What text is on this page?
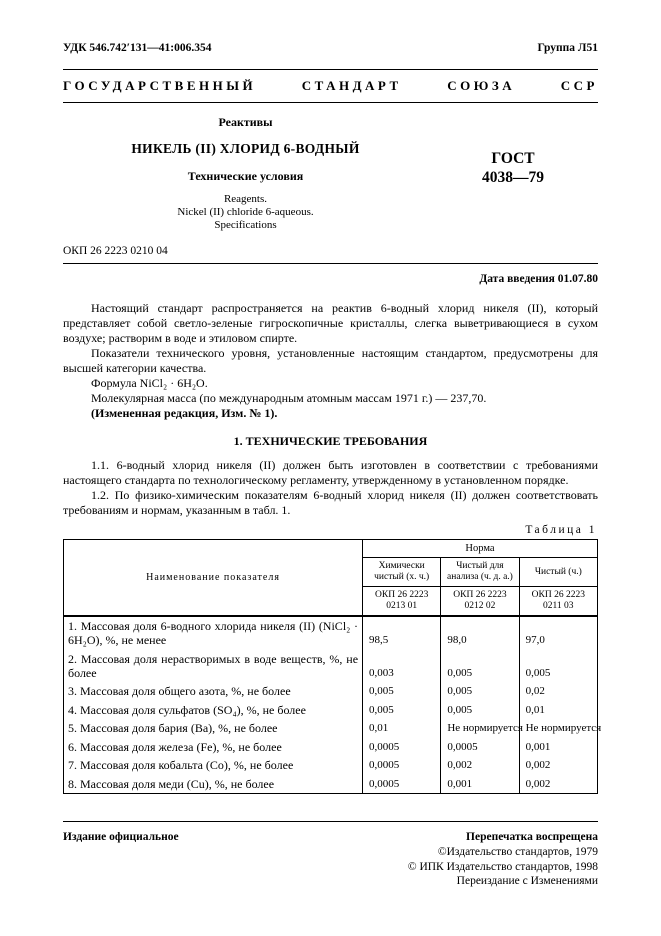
УДК 546.742′131—41:006.354	Группа Л51
ГОСУДАРСТВЕННЫЙ СТАНДАРТ СОЮЗА ССР
Реактивы
НИКЕЛЬ (II) ХЛОРИД 6-ВОДНЫЙ
Технические условия
Reagents.
Nickel (II) chloride 6-aqueous.
Specifications
ГОСТ
4038—79
ОКП 26 2223 0210 04
Дата введения 01.07.80

Настоящий стандарт распространяется на реактив 6-водный хлорид никеля (II), который представляет собой светло-зеленые гигроскопичные кристаллы, слегка выветривающиеся в сухом воздухе; растворим в воде и этиловом спирте.

Показатели технического уровня, установленные настоящим стандартом, предусмотрены для высшей категории качества.

Формула NiCl₂ · 6H₂O.

Молекулярная масса (по международным атомным массам 1971 г.) — 237,70.

(Измененная редакция, Изм. № 1).

1. ТЕХНИЧЕСКИЕ ТРЕБОВАНИЯ

1.1. 6-водный хлорид никеля (II) должен быть изготовлен в соответствии с требованиями настоящего стандарта по технологическому регламенту, утвержденному в установленном порядке.

1.2. По физико-химическим показателям 6-водный хлорид никеля (II) должен соответствовать требованиям и нормам, указанным в табл. 1.

Таблица 1
Наименование показателя	Норма		
	Химически чистый (х. ч.)	Чистый для анализа (ч. д. а.)	Чистый (ч.)
	ОКП 26 2223 0213 01	ОКП 26 2223 0212 02	ОКП 26 2223 0211 03
1. Массовая доля 6-водного хлорида никеля (II) (NiCl₂ · 6H₂O), %, не менее	98,5	98,0	97,0
2. Массовая доля нерастворимых в воде веществ, %, не более	0,003	0,005	0,005
3. Массовая доля общего азота, %, не более	0,005	0,005	0,02
4. Массовая доля сульфатов (SO₄), %, не более	0,005	0,005	0,01
5. Массовая доля бария (Ba), %, не более	0,01	Не нормируется	Не нормируется
6. Массовая доля железа (Fe), %, не более	0,0005	0,0005	0,001
7. Массовая доля кобальта (Co), %, не более	0,0005	0,002	0,002
8. Массовая доля меди (Cu), %, не более	0,0005	0,001	0,002
Издание официальное	Перепечатка воспрещена
©Издательство стандартов, 1979
© ИПК Издательство стандартов, 1998
Переиздание с Изменениями
